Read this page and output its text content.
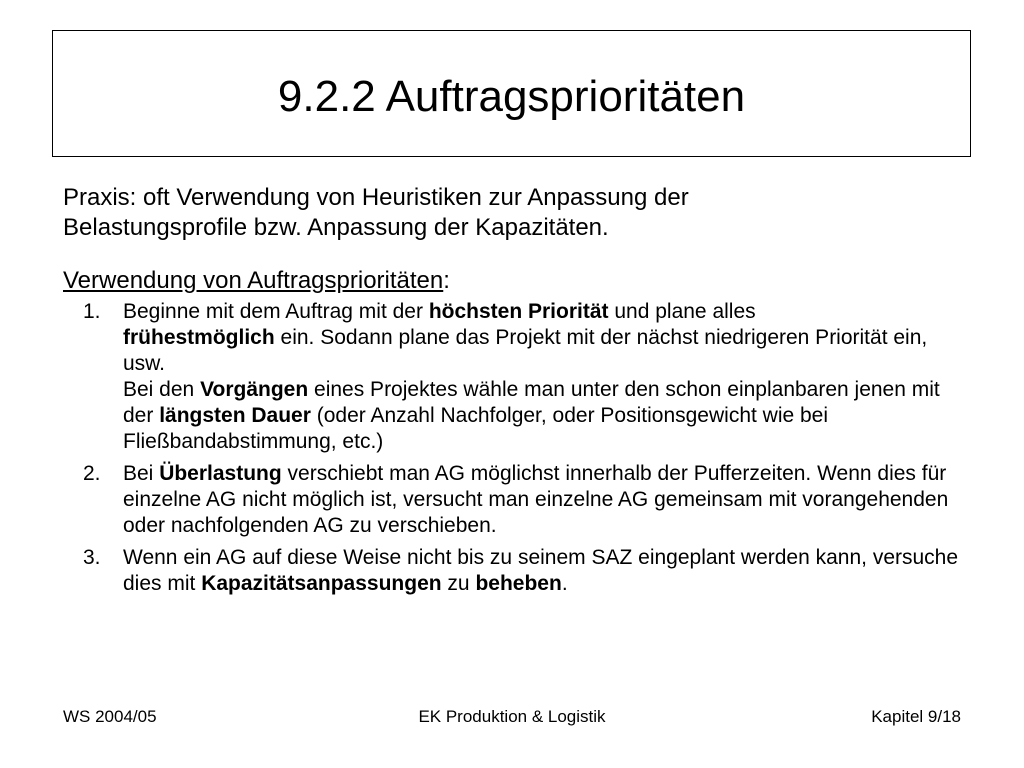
9.2.2 Auftragsprioritäten

Praxis: oft Verwendung von Heuristiken zur Anpassung der
Belastungsprofile bzw. Anpassung der Kapazitäten.

Verwendung von Auftragsprioritäten:

1. Beginne mit dem Auftrag mit der höchsten Priorität und plane alles
frühestmöglich ein. Sodann plane das Projekt mit der nächst niedrigeren Priorität ein, usw.
Bei den Vorgängen eines Projektes wähle man unter den schon einplanbaren jenen mit der längsten Dauer (oder Anzahl Nachfolger, oder Positionsgewicht wie bei Fließbandabstimmung, etc.)
2. Bei Überlastung verschiebt man AG möglichst innerhalb der Pufferzeiten. Wenn dies für einzelne AG nicht möglich ist, versucht man einzelne AG gemeinsam mit vorangehenden oder nachfolgenden AG zu verschieben.
3. Wenn ein AG auf diese Weise nicht bis zu seinem SAZ eingeplant werden kann, versuche dies mit Kapazitätsanpassungen zu beheben.
WS 2004/05	EK Produktion & Logistik	Kapitel 9/18
